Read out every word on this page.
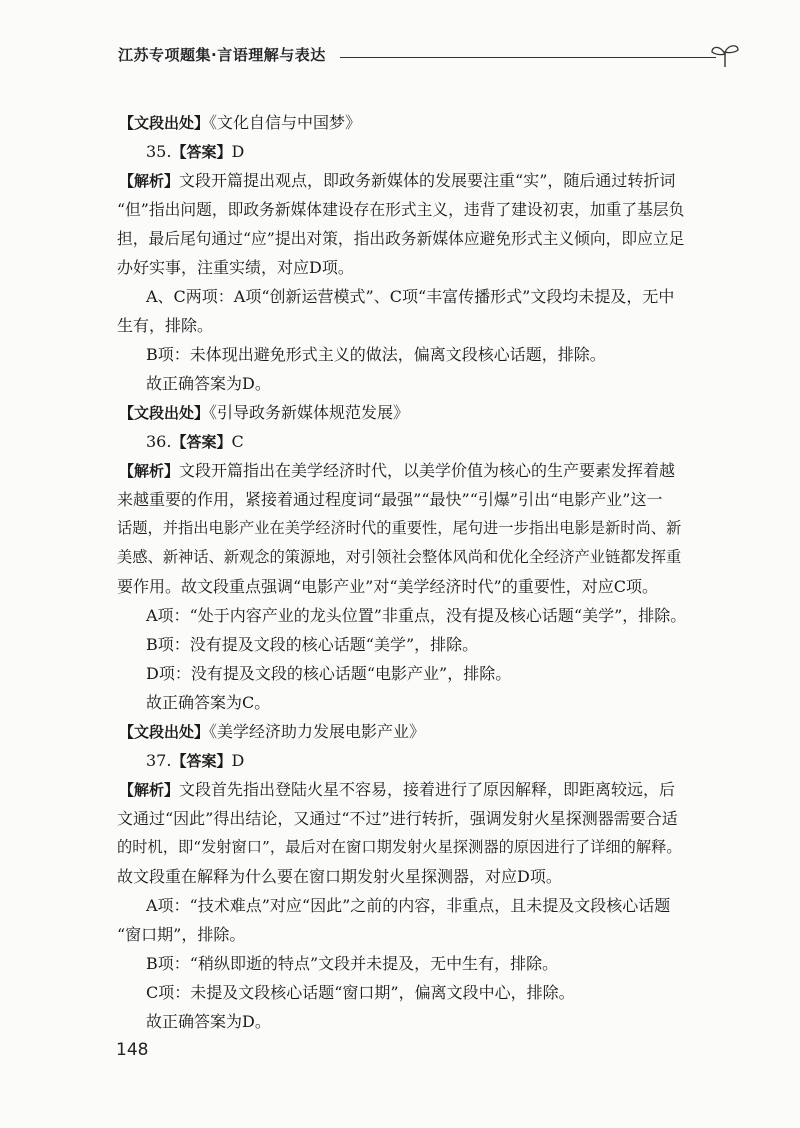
江苏专项题集·言语理解与表达
【文段出处】《文化自信与中国梦》
35.【答案】D
【解析】文段开篇提出观点，即政务新媒体的发展要注重“实”，随后通过转折词
“但”指出问题，即政务新媒体建设存在形式主义，违背了建设初衷，加重了基层负
担，最后尾句通过“应”提出对策，指出政务新媒体应避免形式主义倾向，即应立足
办好实事，注重实绩，对应D项。
A、C两项：A项“创新运营模式”、C项“丰富传播形式”文段均未提及，无中
生有，排除。
B项：未体现出避免形式主义的做法，偏离文段核心话题，排除。
故正确答案为D。
【文段出处】《引导政务新媒体规范发展》
36.【答案】C
【解析】文段开篇指出在美学经济时代，以美学价值为核心的生产要素发挥着越
来越重要的作用，紧接着通过程度词“最强”“最快”“引爆”引出“电影产业”这一
话题，并指出电影产业在美学经济时代的重要性，尾句进一步指出电影是新时尚、新
美感、新神话、新观念的策源地，对引领社会整体风尚和优化全经济产业链都发挥重
要作用。故文段重点强调“电影产业”对“美学经济时代”的重要性，对应C项。
A项：“处于内容产业的龙头位置”非重点，没有提及核心话题“美学”，排除。
B项：没有提及文段的核心话题“美学”，排除。
D项：没有提及文段的核心话题“电影产业”，排除。
故正确答案为C。
【文段出处】《美学经济助力发展电影产业》
37.【答案】D
【解析】文段首先指出登陆火星不容易，接着进行了原因解释，即距离较远，后
文通过“因此”得出结论，又通过“不过”进行转折，强调发射火星探测器需要合适
的时机，即“发射窗口”，最后对在窗口期发射火星探测器的原因进行了详细的解释。
故文段重在解释为什么要在窗口期发射火星探测器，对应D项。
A项：“技术难点”对应“因此”之前的内容，非重点，且未提及文段核心话题
“窗口期”，排除。
B项：“稍纵即逝的特点”文段并未提及，无中生有，排除。
C项：未提及文段核心话题“窗口期”，偏离文段中心，排除。
故正确答案为D。
148
